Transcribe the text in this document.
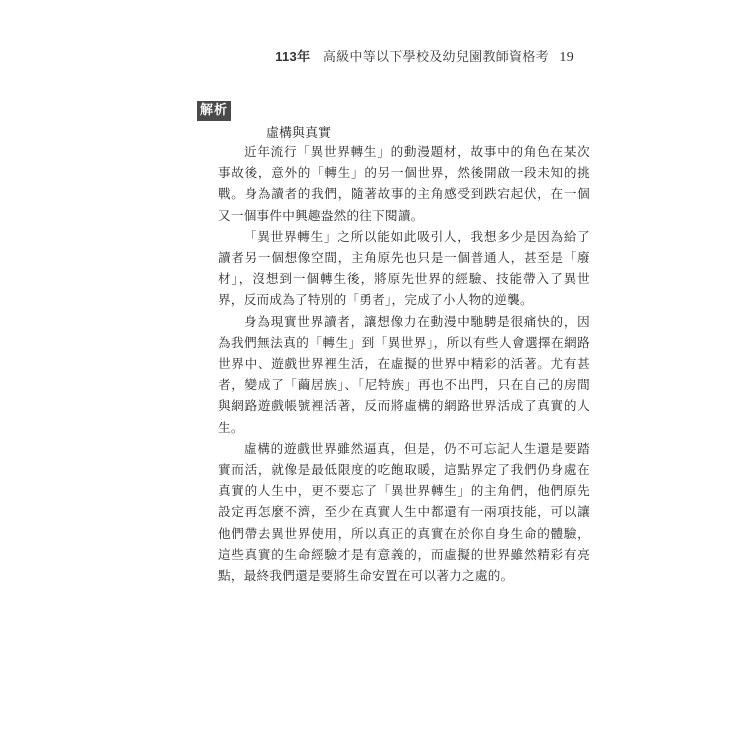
113年 高級中等以下學校及幼兒園教師資格考 19
解析
虛構與真實

近年流行「異世界轉生」的動漫題材，故事中的角色在某次事故後，意外的「轉生」的另一個世界，然後開啟一段未知的挑戰。身為讀者的我們，隨著故事的主角感受到跌宕起伏，在一個又一個事件中興趣盎然的往下閱讀。

「異世界轉生」之所以能如此吸引人，我想多少是因為給了讀者另一個想像空間，主角原先也只是一個普通人，甚至是「廢材」，沒想到一個轉生後，將原先世界的經驗、技能帶入了異世界，反而成為了特別的「勇者」，完成了小人物的逆襲。

身為現實世界讀者，讓想像力在動漫中馳騁是很痛快的，因為我們無法真的「轉生」到「異世界」，所以有些人會選擇在網路世界中、遊戲世界裡生活，在虛擬的世界中精彩的活著。尤有甚者，變成了「繭居族」、「尼特族」再也不出門，只在自己的房間與網路遊戲帳號裡活著，反而將虛構的網路世界活成了真實的人生。

虛構的遊戲世界雖然逼真，但是，仍不可忘記人生還是要踏實而活，就像是最低限度的吃飽取暖，這點界定了我們仍身處在真實的人生中，更不要忘了「異世界轉生」的主角們，他們原先設定再怎麼不濟，至少在真實人生中都還有一兩項技能，可以讓他們帶去異世界使用，所以真正的真實在於你自身生命的體驗，這些真實的生命經驗才是有意義的，而虛擬的世界雖然精彩有亮點，最終我們還是要將生命安置在可以著力之處的。
